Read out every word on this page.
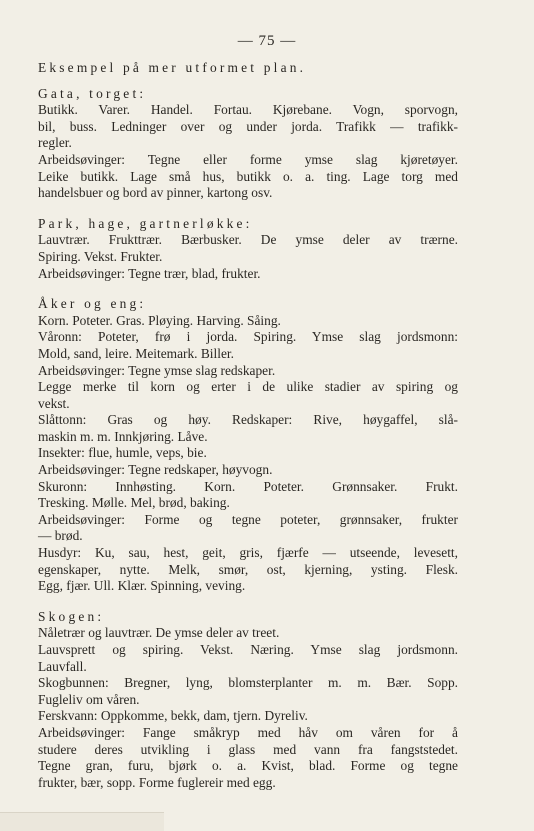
— 75 —
Eksempel på mer utformet plan.
Gata, torget:
Butikk. Varer. Handel. Fortau. Kjørebane. Vogn, sporvogn,
bil, buss. Ledninger over og under jorda. Trafikk — trafikk-
regler.
Arbeidsøvinger: Tegne eller forme ymse slag kjøretøyer.
Leike butikk. Lage små hus, butikk o. a. ting. Lage torg med
handelsbuer og bord av pinner, kartong osv.
Park, hage, gartnerløkke:
Lauvtrær. Frukttrær. Bærbusker. De ymse deler av trærne.
Spiring. Vekst. Frukter.
Arbeidsøvinger: Tegne trær, blad, frukter.
Åker og eng:
Korn. Poteter. Gras. Pløying. Harving. Såing.
Våronn: Poteter, frø i jorda. Spiring. Ymse slag jordsmonn:
Mold, sand, leire. Meitemark. Biller.
Arbeidsøvinger: Tegne ymse slag redskaper.
Legge merke til korn og erter i de ulike stadier av spiring og
vekst.
Slåttonn: Gras og høy. Redskaper: Rive, høygaffel, slå-
maskin m. m. Innkjøring. Låve.
Insekter: flue, humle, veps, bie.
Arbeidsøvinger: Tegne redskaper, høyvogn.
Skuronn: Innhøsting. Korn. Poteter. Grønnsaker. Frukt.
Tresking. Mølle. Mel, brød, baking.
Arbeidsøvinger: Forme og tegne poteter, grønnsaker, frukter
— brød.
Husdyr: Ku, sau, hest, geit, gris, fjærfe — utseende, levesett,
egenskaper, nytte. Melk, smør, ost, kjerning, ysting. Flesk.
Egg, fjær. Ull. Klær. Spinning, veving.
Skogen:
Nåletrær og lauvtrær. De ymse deler av treet.
Lauvsprett og spiring. Vekst. Næring. Ymse slag jordsmonn.
Lauvfall.
Skogbunnen: Bregner, lyng, blomsterplanter m. m. Bær. Sopp.
Fugleliv om våren.
Ferskvann: Oppkomme, bekk, dam, tjern. Dyreliv.
Arbeidsøvinger: Fange småkryp med håv om våren for å
studere deres utvikling i glass med vann fra fangststedet.
Tegne gran, furu, bjørk o. a. Kvist, blad. Forme og tegne
frukter, bær, sopp. Forme fuglereir med egg.
